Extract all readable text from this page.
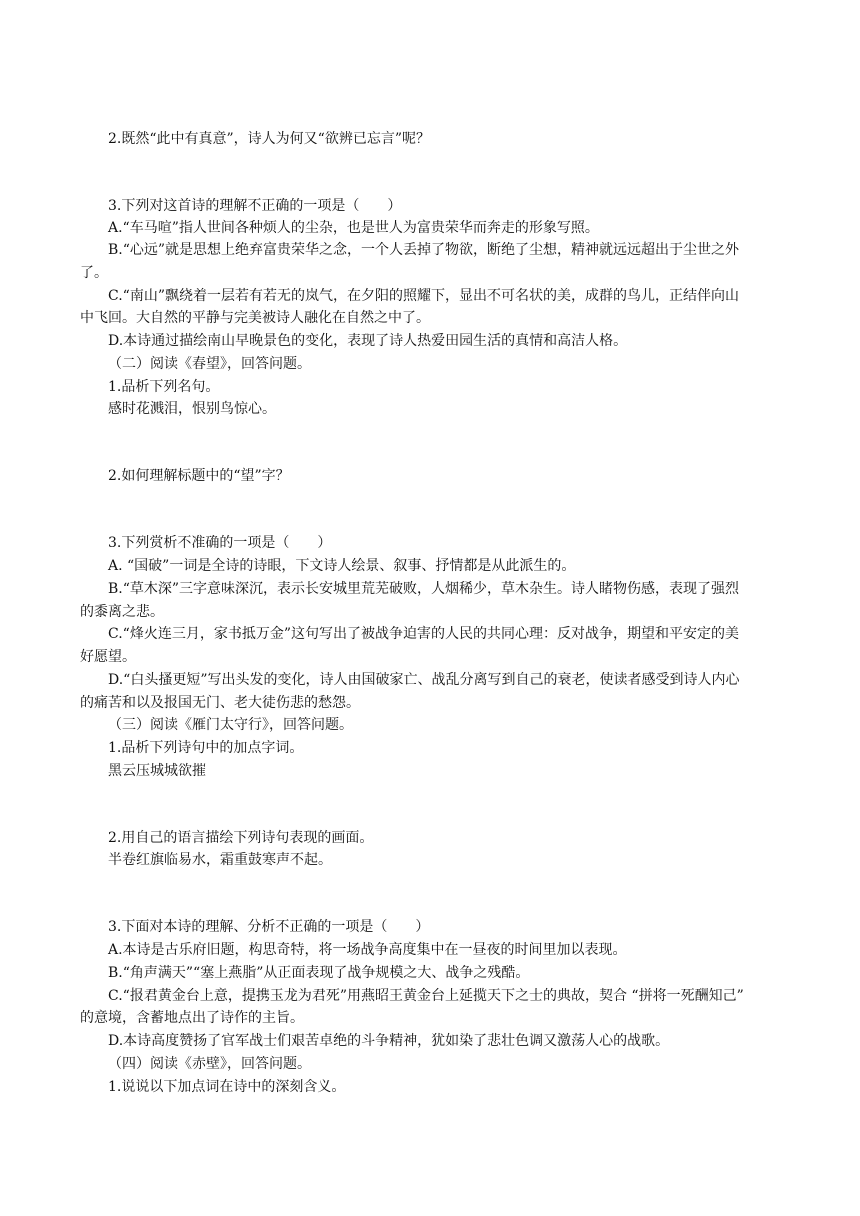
2.既然“此中有真意”，诗人为何又“欲辨已忘言”呢？
3.下列对这首诗的理解不正确的一项是（　　）
A.“车马喧”指人世间各种烦人的尘杂，也是世人为富贵荣华而奔走的形象写照。
B.“心远”就是思想上绝弃富贵荣华之念，一个人丢掉了物欲，断绝了尘想，精神就远远超出于尘世之外
了。
C.“南山”飘绕着一层若有若无的岚气，在夕阳的照耀下，显出不可名状的美，成群的鸟儿，正结伴向山
中飞回。大自然的平静与完美被诗人融化在自然之中了。
D.本诗通过描绘南山早晚景色的变化，表现了诗人热爱田园生活的真情和高洁人格。
（二）阅读《春望》，回答问题。
1.品析下列名句。
感时花溅泪，恨别鸟惊心。
2.如何理解标题中的“望”字？
3.下列赏析不准确的一项是（　　）
A. “国破”一词是全诗的诗眼，下文诗人绘景、叙事、抒情都是从此派生的。
B.“草木深”三字意味深沉，表示长安城里荒芜破败，人烟稀少，草木杂生。诗人睹物伤感，表现了强烈
的黍离之悲。
C.“烽火连三月，家书抵万金”这句写出了被战争迫害的人民的共同心理：反对战争，期望和平安定的美
好愿望。
D.“白头搔更短”写出头发的变化，诗人由国破家亡、战乱分离写到自己的衰老，使读者感受到诗人内心
的痛苦和以及报国无门、老大徒伤悲的愁怨。
（三）阅读《雁门太守行》，回答问题。
1.品析下列诗句中的加点字词。
黑云压城城欲摧
2.用自己的语言描绘下列诗句表现的画面。
半卷红旗临易水，霜重鼓寒声不起。
3.下面对本诗的理解、分析不正确的一项是（　　）
A.本诗是古乐府旧题，构思奇特，将一场战争高度集中在一昼夜的时间里加以表现。
B.“角声满天”“塞上燕脂”从正面表现了战争规模之大、战争之残酷。
C.“报君黄金台上意，提携玉龙为君死”用燕昭王黄金台上延揽天下之士的典故，契合 “拼将一死酬知己”
的意境，含蓄地点出了诗作的主旨。
D.本诗高度赞扬了官军战士们艰苦卓绝的斗争精神，犹如染了悲壮色调又激荡人心的战歌。
（四）阅读《赤壁》，回答问题。
1.说说以下加点词在诗中的深刻含义。
